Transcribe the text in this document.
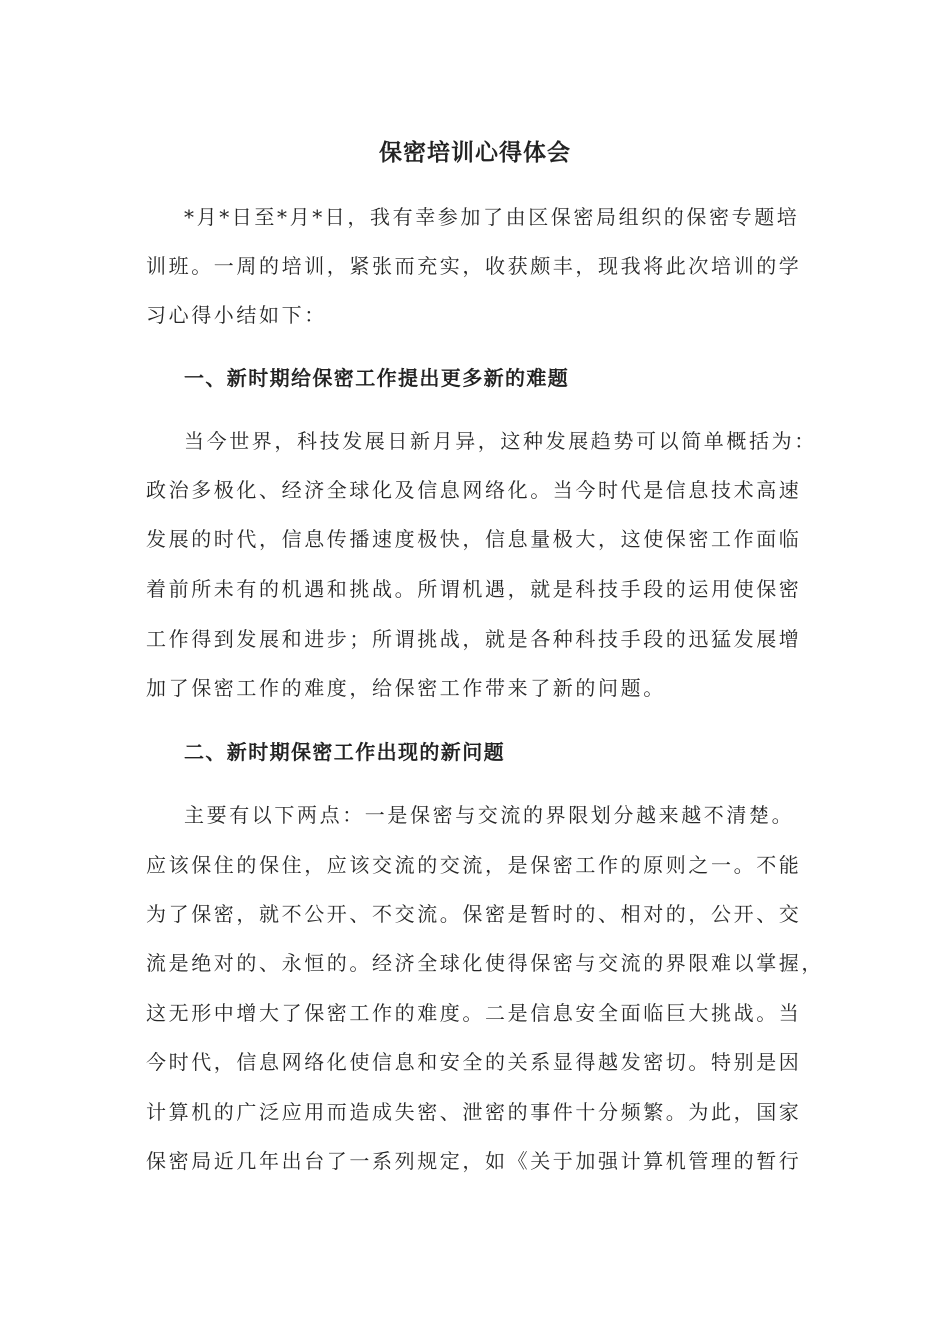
保密培训心得体会
*月*日至*月*日，我有幸参加了由区保密局组织的保密专题培
训班。一周的培训，紧张而充实，收获颇丰，现我将此次培训的学
习心得小结如下：
一、新时期给保密工作提出更多新的难题
当今世界，科技发展日新月异，这种发展趋势可以简单概括为：
政治多极化、经济全球化及信息网络化。当今时代是信息技术高速
发展的时代，信息传播速度极快，信息量极大，这使保密工作面临
着前所未有的机遇和挑战。所谓机遇，就是科技手段的运用使保密
工作得到发展和进步；所谓挑战，就是各种科技手段的迅猛发展增
加了保密工作的难度，给保密工作带来了新的问题。
二、新时期保密工作出现的新问题
主要有以下两点：一是保密与交流的界限划分越来越不清楚。
应该保住的保住，应该交流的交流，是保密工作的原则之一。不能
为了保密，就不公开、不交流。保密是暂时的、相对的，公开、交
流是绝对的、永恒的。经济全球化使得保密与交流的界限难以掌握，
这无形中增大了保密工作的难度。二是信息安全面临巨大挑战。当
今时代，信息网络化使信息和安全的关系显得越发密切。特别是因
计算机的广泛应用而造成失密、泄密的事件十分频繁。为此，国家
保密局近几年出台了一系列规定，如《关于加强计算机管理的暂行
